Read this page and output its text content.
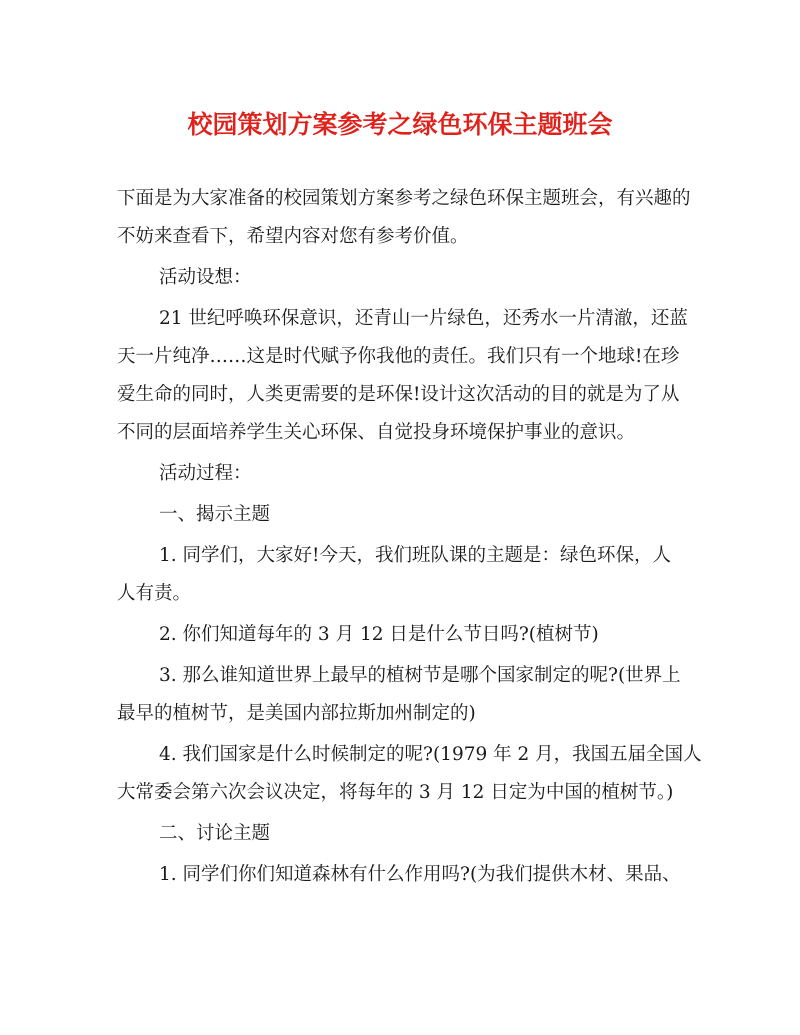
校园策划方案参考之绿色环保主题班会
下面是为大家准备的校园策划方案参考之绿色环保主题班会，有兴趣的
不妨来查看下，希望内容对您有参考价值。
活动设想：
21 世纪呼唤环保意识，还青山一片绿色，还秀水一片清澈，还蓝
天一片纯净……这是时代赋予你我他的责任。我们只有一个地球!在珍
爱生命的同时，人类更需要的是环保!设计这次活动的目的就是为了从
不同的层面培养学生关心环保、自觉投身环境保护事业的意识。
活动过程：
一、揭示主题
1. 同学们，大家好!今天，我们班队课的主题是：绿色环保，人
人有责。
2. 你们知道每年的 3 月 12 日是什么节日吗?(植树节)
3. 那么谁知道世界上最早的植树节是哪个国家制定的呢?(世界上
最早的植树节，是美国内部拉斯加州制定的)
4. 我们国家是什么时候制定的呢?(1979 年 2 月，我国五届全国人
大常委会第六次会议决定，将每年的 3 月 12 日定为中国的植树节。)
二、讨论主题
1. 同学们你们知道森林有什么作用吗?(为我们提供木材、果品、
